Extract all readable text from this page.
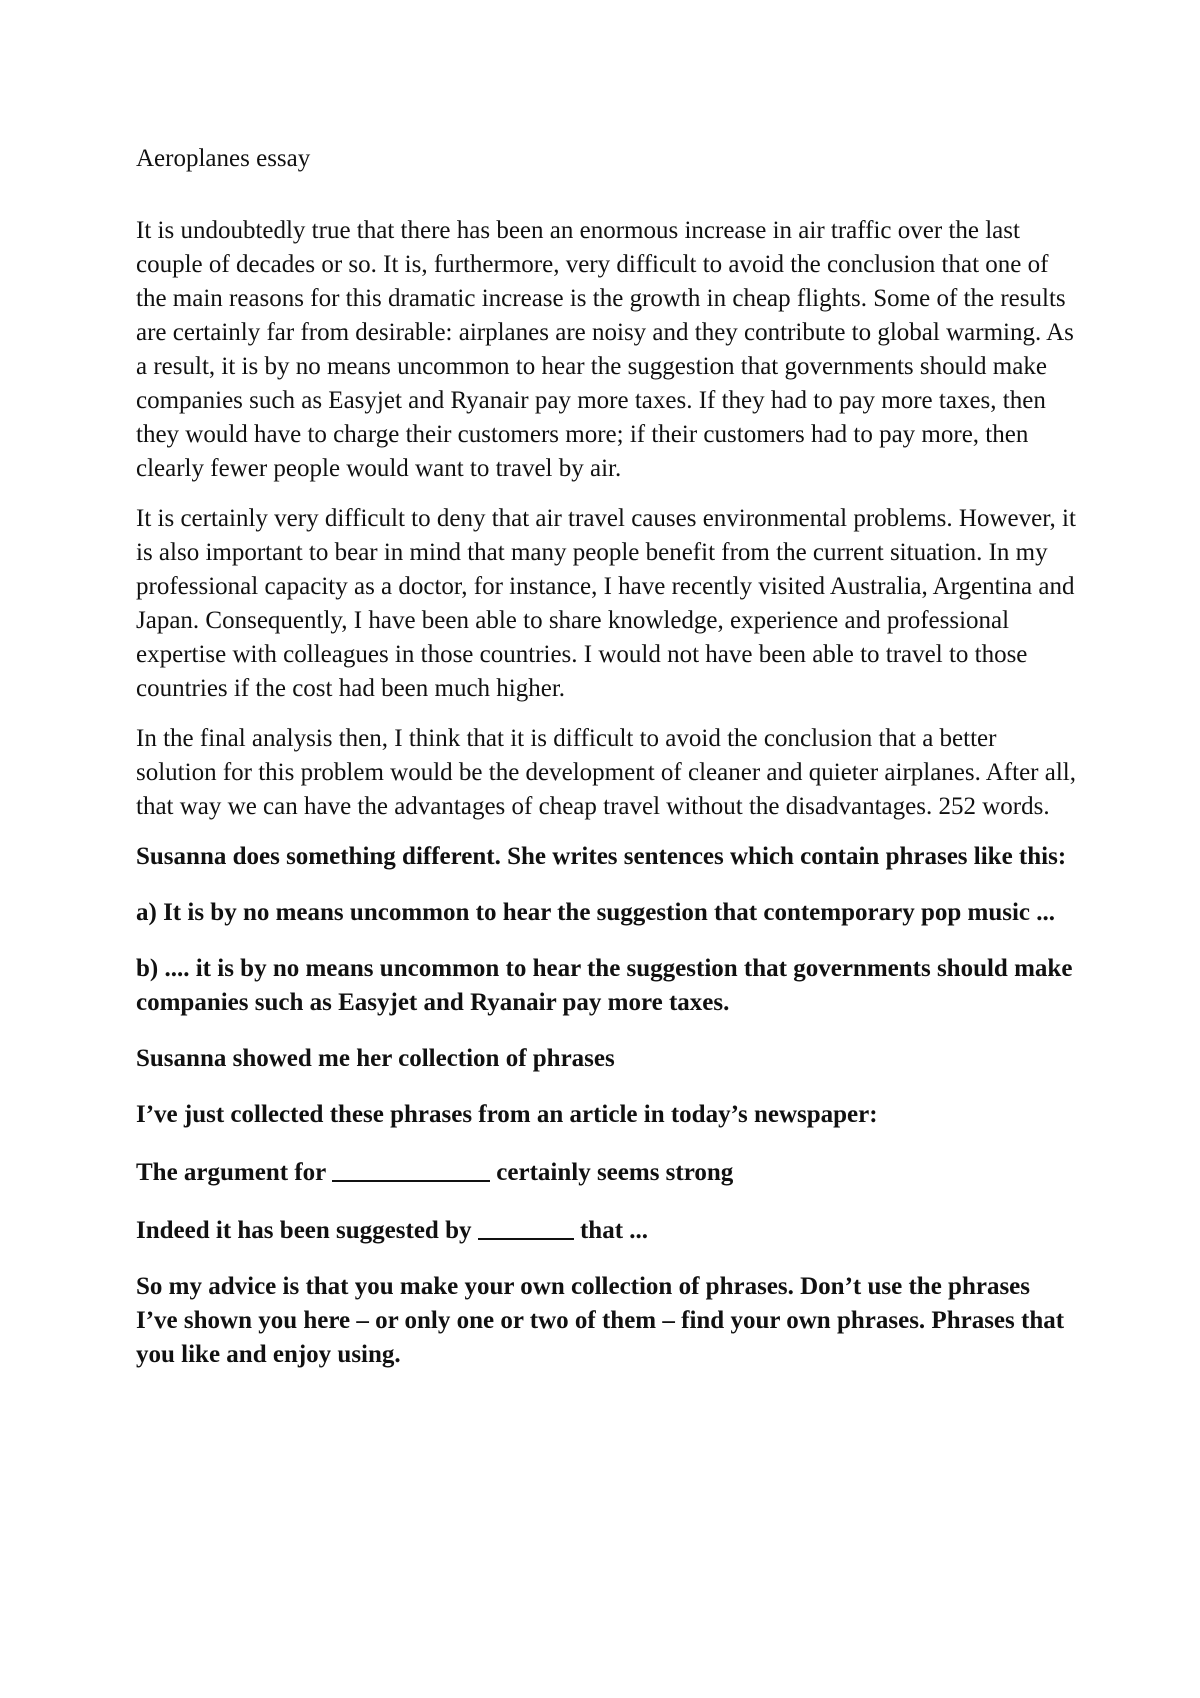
Aeroplanes essay

It is undoubtedly true that there has been an enormous increase in air traffic over the last couple of decades or so. It is, furthermore, very difficult to avoid the conclusion that one of the main reasons for this dramatic increase is the growth in cheap flights. Some of the results are certainly far from desirable: airplanes are noisy and they contribute to global warming. As a result, it is by no means uncommon to hear the suggestion that governments should make companies such as Easyjet and Ryanair pay more taxes. If they had to pay more taxes, then they would have to charge their customers more; if their customers had to pay more, then clearly fewer people would want to travel by air.

It is certainly very difficult to deny that air travel causes environmental problems. However, it is also important to bear in mind that many people benefit from the current situation. In my professional capacity as a doctor, for instance, I have recently visited Australia, Argentina and Japan. Consequently, I have been able to share knowledge, experience and professional expertise with colleagues in those countries. I would not have been able to travel to those countries if the cost had been much higher.

In the final analysis then, I think that it is difficult to avoid the conclusion that a better solution for this problem would be the development of cleaner and quieter airplanes. After all, that way we can have the advantages of cheap travel without the disadvantages. 252 words.

Susanna does something different. She writes sentences which contain phrases like this:

a) It is by no means uncommon to hear the suggestion that contemporary pop music ...

b) .... it is by no means uncommon to hear the suggestion that governments should make companies such as Easyjet and Ryanair pay more taxes.

Susanna showed me her collection of phrases

I’ve just collected these phrases from an article in today’s newspaper:

The argument for	certainly seems strong

Indeed it has been suggested by	that ...

So my advice is that you make your own collection of phrases. Don’t use the phrases I’ve shown you here – or only one or two of them – find your own phrases. Phrases that you like and enjoy using.
